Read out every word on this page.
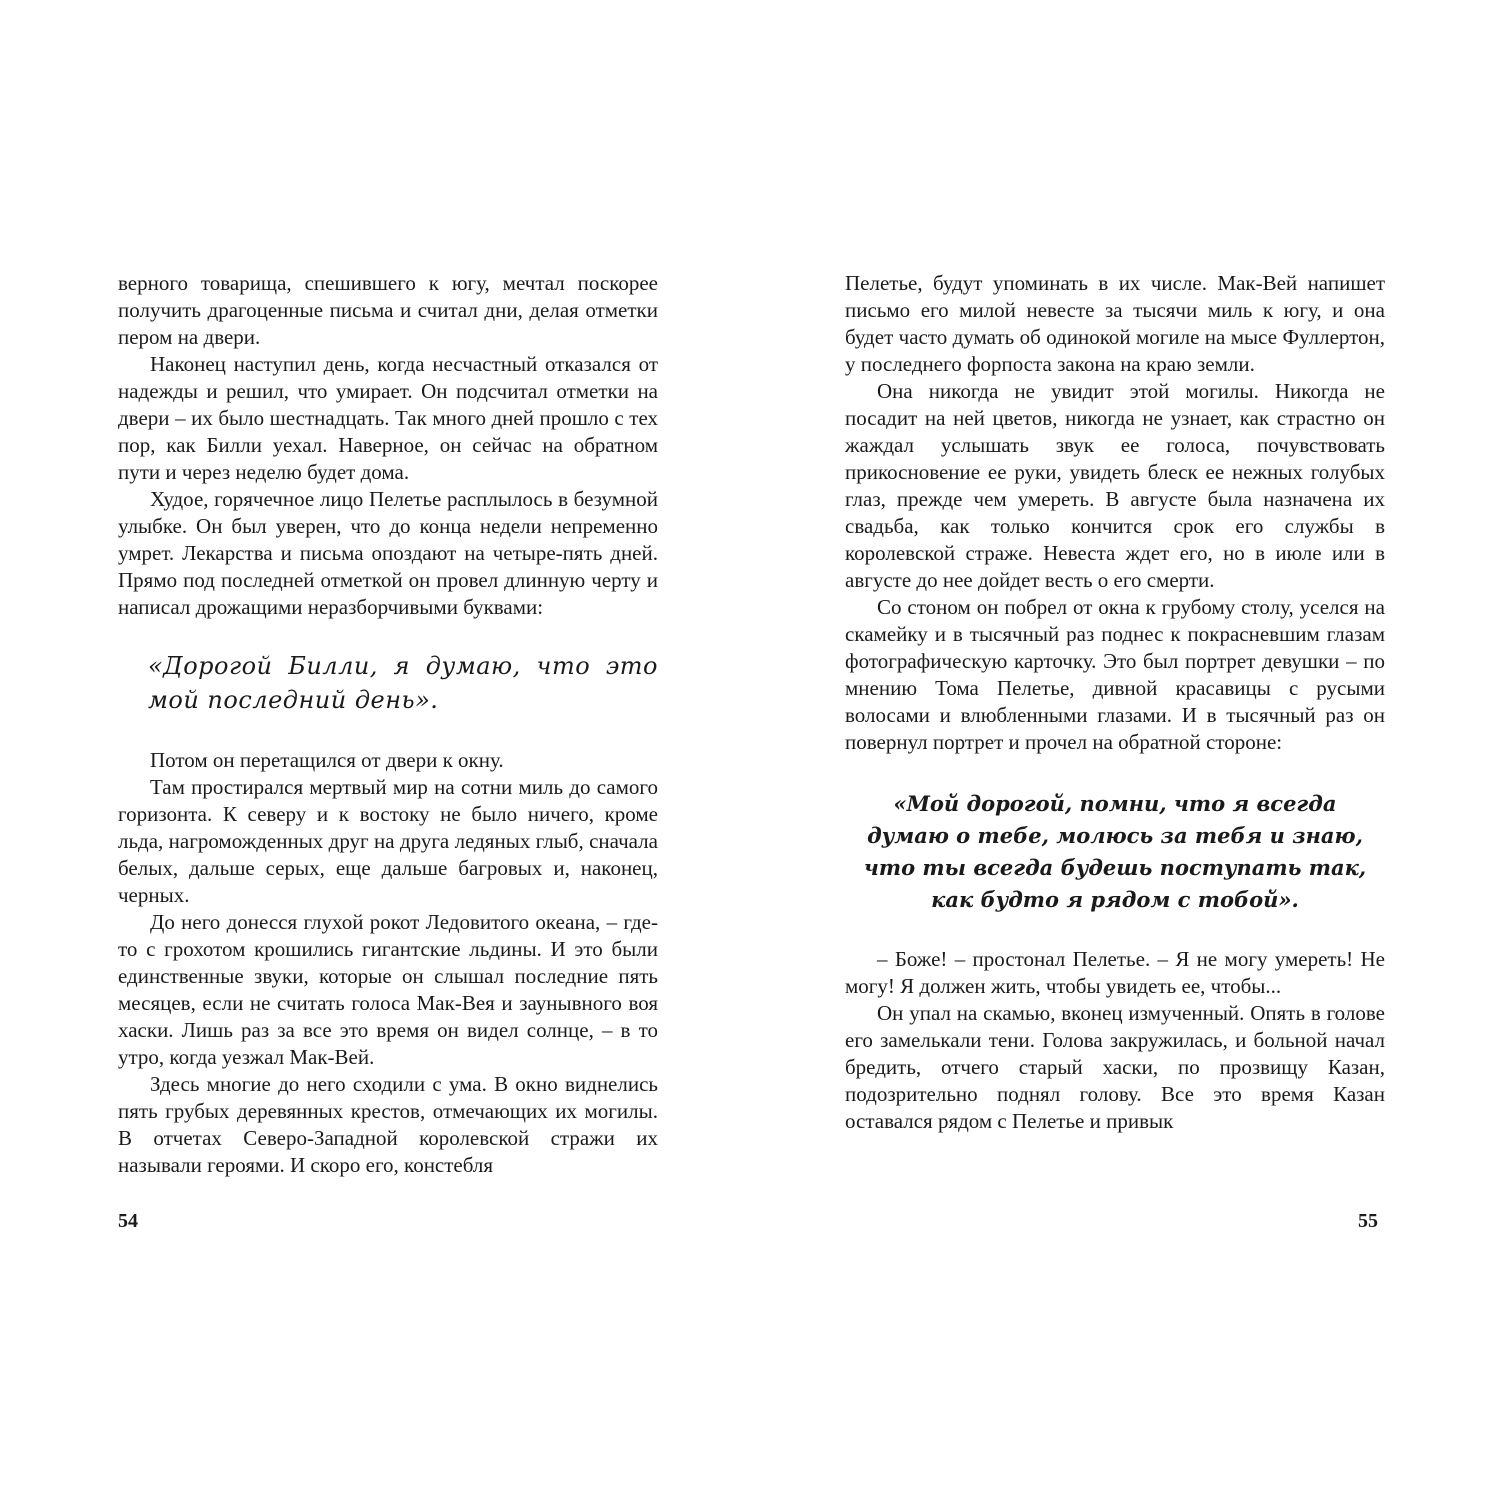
верного товарища, спешившего к югу, мечтал поскорее получить драгоценные письма и считал дни, делая отметки пером на двери.

Наконец наступил день, когда несчастный отказался от надежды и решил, что умирает. Он подсчитал отметки на двери – их было шестнадцать. Так много дней прошло с тех пор, как Билли уехал. Наверное, он сейчас на обратном пути и через неделю будет дома.

Худое, горячечное лицо Пелетье расплылось в безумной улыбке. Он был уверен, что до конца недели непременно умрет. Лекарства и письма опоздают на четыре-пять дней. Прямо под последней отметкой он провел длинную черту и написал дрожащими неразборчивыми буквами:

«Дорогой Билли, я думаю, что это мой последний день».

Потом он перетащился от двери к окну.

Там простирался мертвый мир на сотни миль до самого горизонта. К северу и к востоку не было ничего, кроме льда, нагроможденных друг на друга ледяных глыб, сначала белых, дальше серых, еще дальше багровых и, наконец, черных.

До него донесся глухой рокот Ледовитого океана, – где-то с грохотом крошились гигантские льдины. И это были единственные звуки, которые он слышал последние пять месяцев, если не считать голоса Мак-Вея и заунывного воя хаски. Лишь раз за все это время он видел солнце, – в то утро, когда уезжал Мак-Вей.

Здесь многие до него сходили с ума. В окно виднелись пять грубых деревянных крестов, отмечающих их могилы. В отчетах Северо-Западной королевской стражи их называли героями. И скоро его, констебля

Пелетье, будут упоминать в их числе. Мак-Вей напишет письмо его милой невесте за тысячи миль к югу, и она будет часто думать об одинокой могиле на мысе Фуллертон, у последнего форпоста закона на краю земли.

Она никогда не увидит этой могилы. Никогда не посадит на ней цветов, никогда не узнает, как страстно он жаждал услышать звук ее голоса, почувствовать прикосновение ее руки, увидеть блеск ее нежных голубых глаз, прежде чем умереть. В августе была назначена их свадьба, как только кончится срок его службы в королевской страже. Невеста ждет его, но в июле или в августе до нее дойдет весть о его смерти.

Со стоном он побрел от окна к грубому столу, уселся на скамейку и в тысячный раз поднес к покрасневшим глазам фотографическую карточку. Это был портрет девушки – по мнению Тома Пелетье, дивной красавицы с русыми волосами и влюбленными глазами. И в тысячный раз он повернул портрет и прочел на обратной стороне:

«Мой дорогой, помни, что я всегда
думаю о тебе, молюсь за тебя и знаю,
что ты всегда будешь поступать так,
как будто я рядом с тобой».

– Боже! – простонал Пелетье. – Я не могу умереть! Не могу! Я должен жить, чтобы увидеть ее, чтобы...

Он упал на скамью, вконец измученный. Опять в голове его замелькали тени. Голова закружилась, и больной начал бредить, отчего старый хаски, по прозвищу Казан, подозрительно поднял голову. Все это время Казан оставался рядом с Пелетье и привык

54	55
